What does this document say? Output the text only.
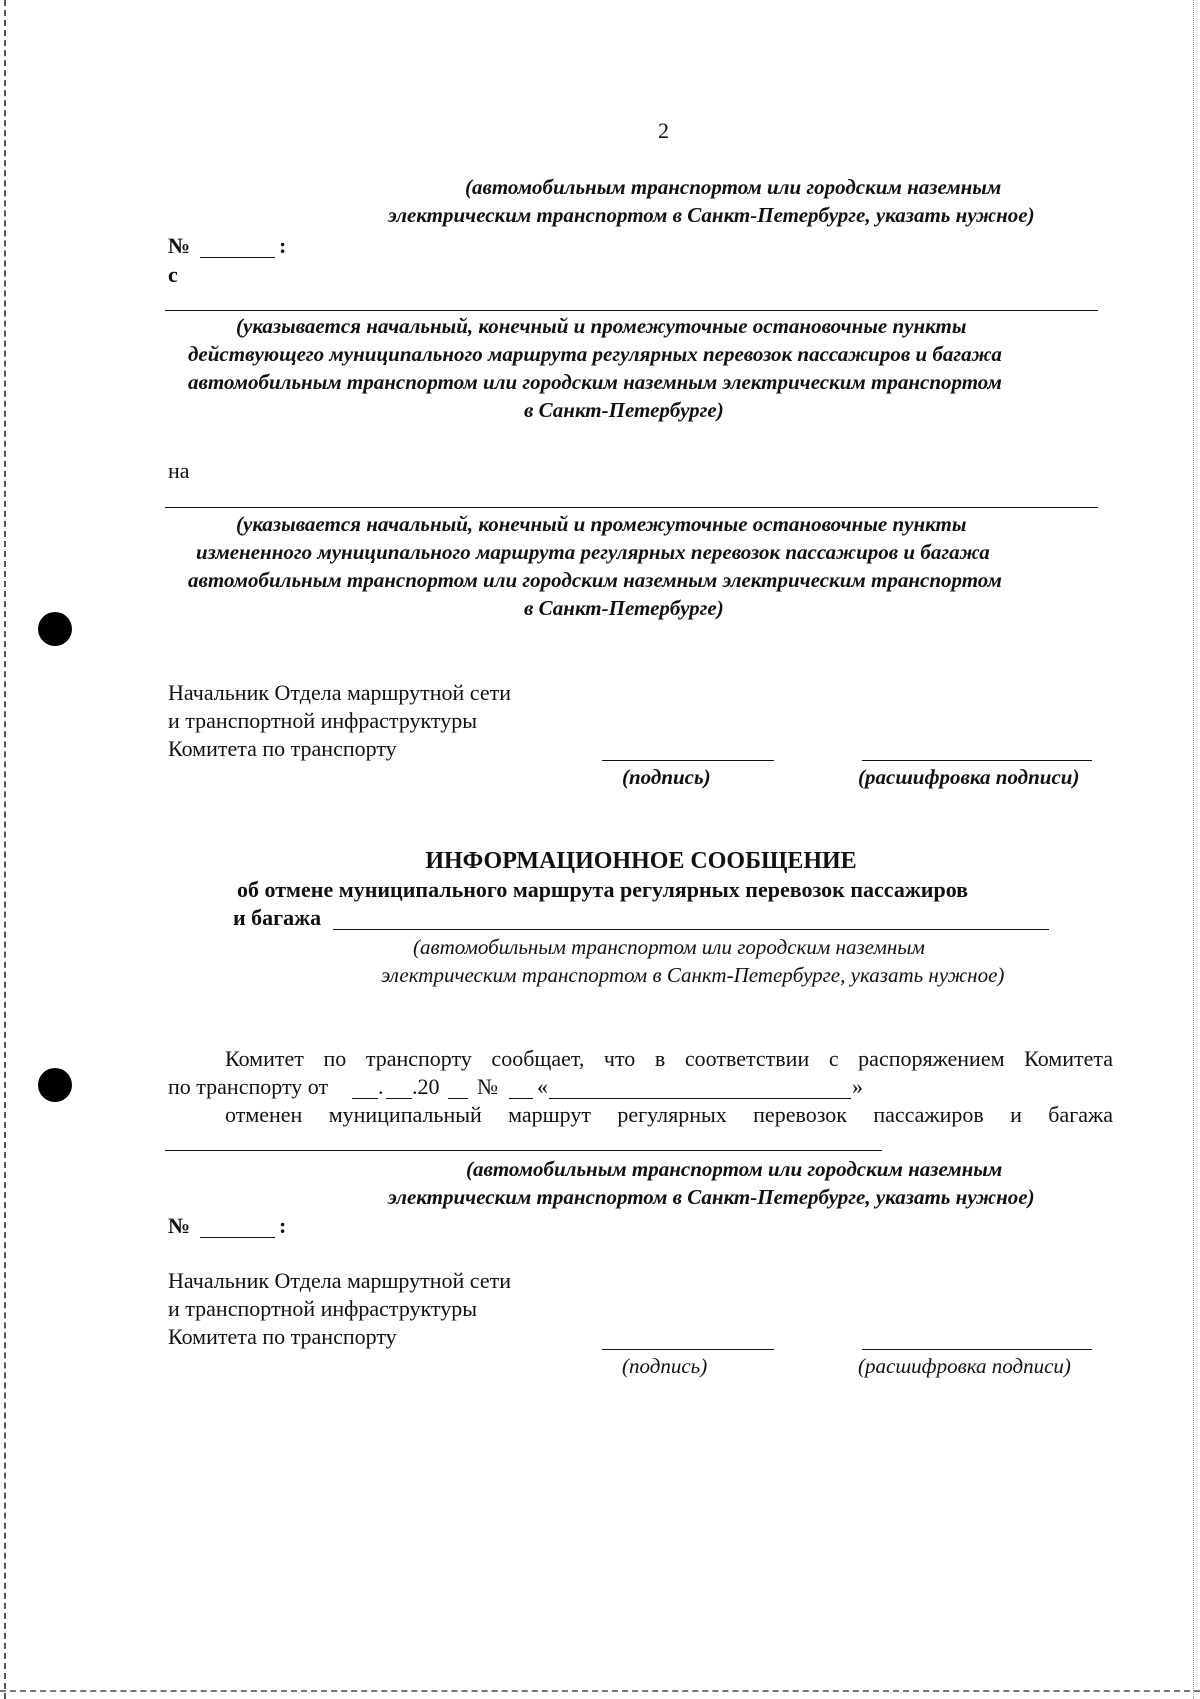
2
(автомобильным транспортом или городским наземным
электрическим транспортом в Санкт-Петербурге, указать нужное)
№	:
с
(указывается начальный, конечный и промежуточные остановочные пункты
действующего муниципального маршрута регулярных перевозок пассажиров и багажа
автомобильным транспортом или городским наземным электрическим транспортом
в Санкт-Петербурге)
на
(указывается начальный, конечный и промежуточные остановочные пункты
измененного муниципального маршрута регулярных перевозок пассажиров и багажа
автомобильным транспортом или городским наземным электрическим транспортом
в Санкт-Петербурге)
Начальник Отдела маршрутной сети
и транспортной инфраструктуры
Комитета по транспорту
(подпись)	(расшифровка подписи)
ИНФОРМАЦИОННОЕ СООБЩЕНИЕ
об отмене муниципального маршрута регулярных перевозок пассажиров
и багажа
(автомобильным транспортом или городским наземным
электрическим транспортом в Санкт-Петербурге, указать нужное)
Комитет по транспорту сообщает, что в соответствии с распоряжением Комитета
по транспорту от . .20 № «	»
отменен муниципальный маршрут регулярных перевозок пассажиров и багажа
(автомобильным транспортом или городским наземным
электрическим транспортом в Санкт-Петербурге, указать нужное)
№	:
Начальник Отдела маршрутной сети
и транспортной инфраструктуры
Комитета по транспорту
(подпись)	(расшифровка подписи)
